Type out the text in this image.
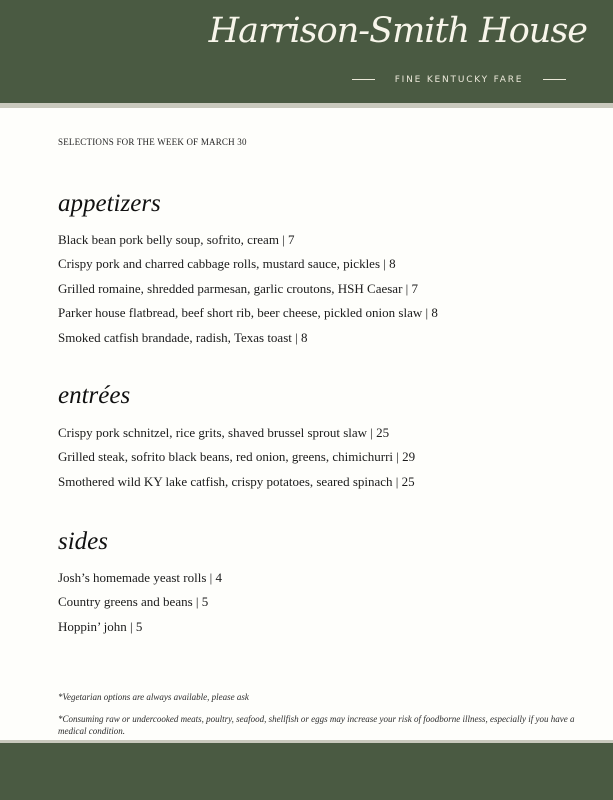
Harrison-Smith House
FINE KENTUCKY FARE
SELECTIONS FOR THE WEEK OF MARCH 30
appetizers
Black bean pork belly soup, sofrito, cream | 7
Crispy pork and charred cabbage rolls, mustard sauce, pickles | 8
Grilled romaine, shredded parmesan, garlic croutons, HSH Caesar | 7
Parker house flatbread, beef short rib, beer cheese, pickled onion slaw | 8
Smoked catfish brandade, radish, Texas toast | 8
entrées
Crispy pork schnitzel, rice grits, shaved brussel sprout slaw | 25
Grilled steak, sofrito black beans, red onion, greens, chimichurri | 29
Smothered wild KY lake catfish, crispy potatoes, seared spinach | 25
sides
Josh’s homemade yeast rolls | 4
Country greens and beans | 5
Hoppin’ john | 5
*Vegetarian options are always available, please ask
*Consuming raw or undercooked meats, poultry, seafood, shellfish or eggs may increase your risk of foodborne illness, especially if you have a medical condition.
